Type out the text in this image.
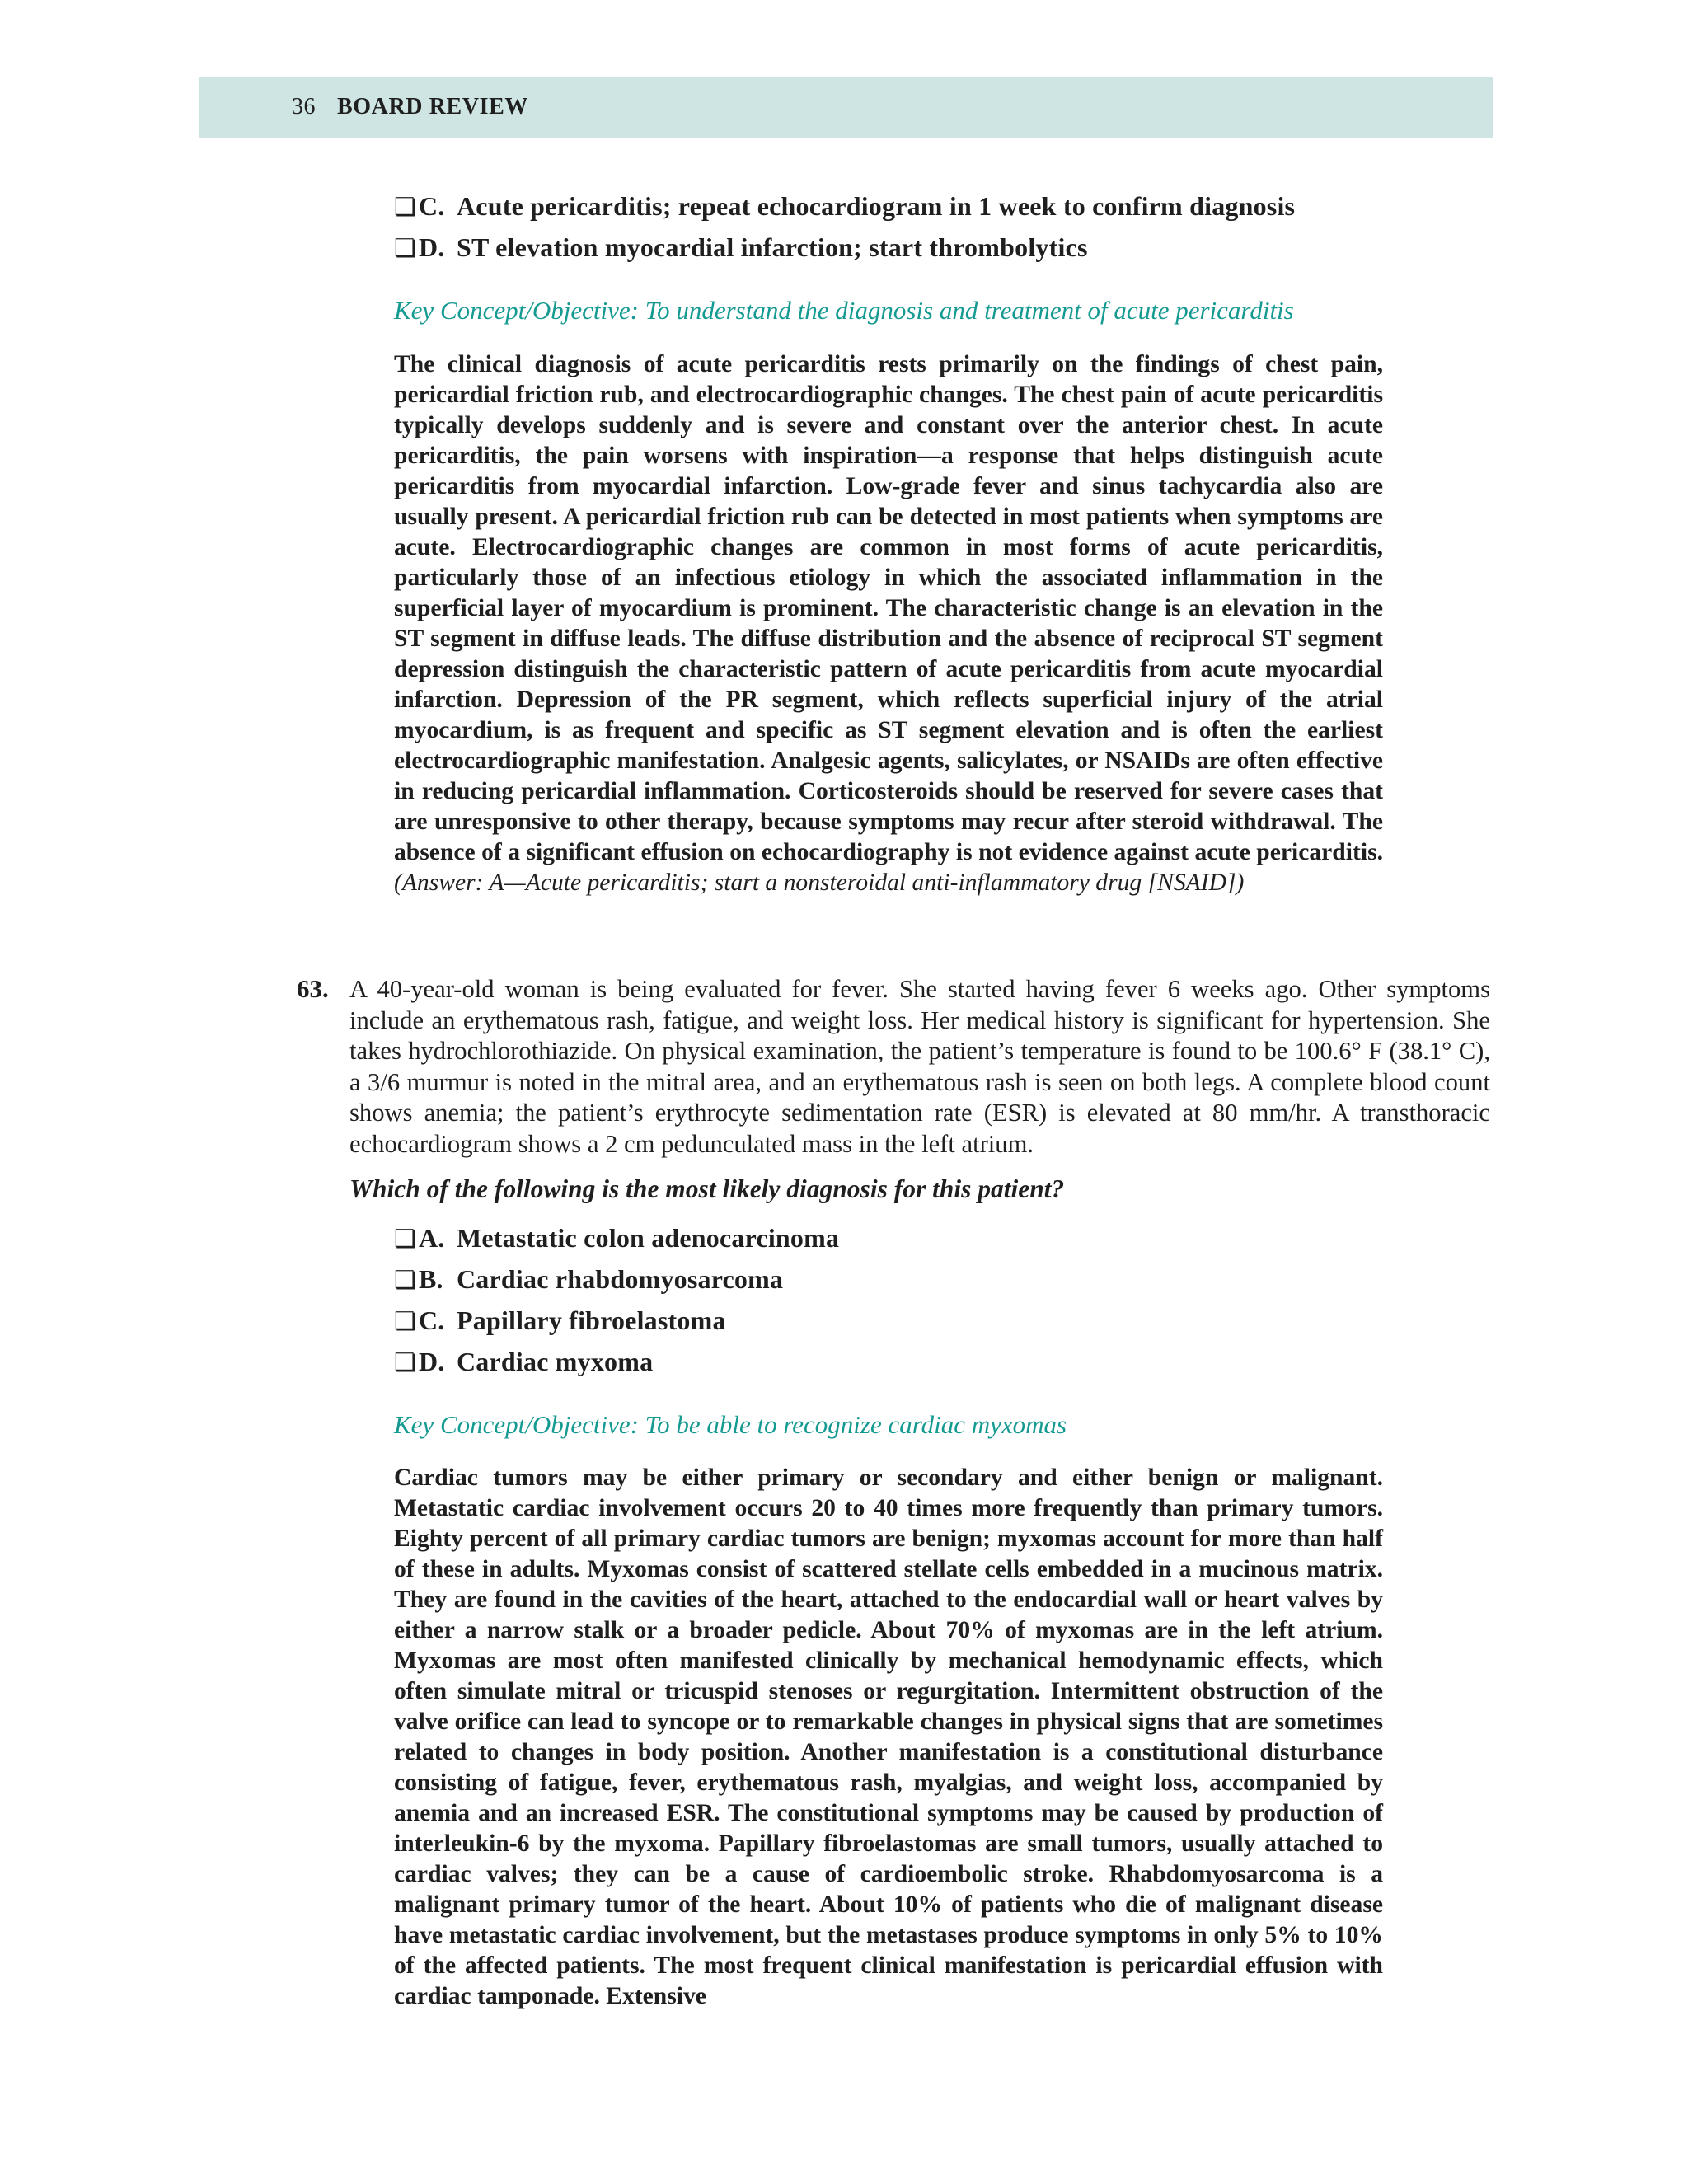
36 BOARD REVIEW
❏C. Acute pericarditis; repeat echocardiogram in 1 week to confirm diagnosis
❏D. ST elevation myocardial infarction; start thrombolytics
Key Concept/Objective: To understand the diagnosis and treatment of acute pericarditis
The clinical diagnosis of acute pericarditis rests primarily on the findings of chest pain, pericardial friction rub, and electrocardiographic changes. The chest pain of acute pericarditis typically develops suddenly and is severe and constant over the anterior chest. In acute pericarditis, the pain worsens with inspiration—a response that helps distinguish acute pericarditis from myocardial infarction. Low-grade fever and sinus tachycardia also are usually present. A pericardial friction rub can be detected in most patients when symptoms are acute. Electrocardiographic changes are common in most forms of acute pericarditis, particularly those of an infectious etiology in which the associated inflammation in the superficial layer of myocardium is prominent. The characteristic change is an elevation in the ST segment in diffuse leads. The diffuse distribution and the absence of reciprocal ST segment depression distinguish the characteristic pattern of acute pericarditis from acute myocardial infarction. Depression of the PR segment, which reflects superficial injury of the atrial myocardium, is as frequent and specific as ST segment elevation and is often the earliest electrocardiographic manifestation. Analgesic agents, salicylates, or NSAIDs are often effective in reducing pericardial inflammation. Corticosteroids should be reserved for severe cases that are unresponsive to other therapy, because symptoms may recur after steroid withdrawal. The absence of a significant effusion on echocardiography is not evidence against acute pericarditis. (Answer: A—Acute pericarditis; start a nonsteroidal anti-inflammatory drug [NSAID])
63. A 40-year-old woman is being evaluated for fever. She started having fever 6 weeks ago. Other symptoms include an erythematous rash, fatigue, and weight loss. Her medical history is significant for hypertension. She takes hydrochlorothiazide. On physical examination, the patient’s temperature is found to be 100.6° F (38.1° C), a 3/6 murmur is noted in the mitral area, and an erythematous rash is seen on both legs. A complete blood count shows anemia; the patient’s erythrocyte sedimentation rate (ESR) is elevated at 80 mm/hr. A transthoracic echocardiogram shows a 2 cm pedunculated mass in the left atrium.
Which of the following is the most likely diagnosis for this patient?
❏A. Metastatic colon adenocarcinoma
❏B. Cardiac rhabdomyosarcoma
❏C. Papillary fibroelastoma
❏D. Cardiac myxoma
Key Concept/Objective: To be able to recognize cardiac myxomas
Cardiac tumors may be either primary or secondary and either benign or malignant. Metastatic cardiac involvement occurs 20 to 40 times more frequently than primary tumors. Eighty percent of all primary cardiac tumors are benign; myxomas account for more than half of these in adults. Myxomas consist of scattered stellate cells embedded in a mucinous matrix. They are found in the cavities of the heart, attached to the endocardial wall or heart valves by either a narrow stalk or a broader pedicle. About 70% of myxomas are in the left atrium. Myxomas are most often manifested clinically by mechanical hemodynamic effects, which often simulate mitral or tricuspid stenoses or regurgitation. Intermittent obstruction of the valve orifice can lead to syncope or to remarkable changes in physical signs that are sometimes related to changes in body position. Another manifestation is a constitutional disturbance consisting of fatigue, fever, erythematous rash, myalgias, and weight loss, accompanied by anemia and an increased ESR. The constitutional symptoms may be caused by production of interleukin-6 by the myxoma. Papillary fibroelastomas are small tumors, usually attached to cardiac valves; they can be a cause of cardioembolic stroke. Rhabdomyosarcoma is a malignant primary tumor of the heart. About 10% of patients who die of malignant disease have metastatic cardiac involvement, but the metastases produce symptoms in only 5% to 10% of the affected patients. The most frequent clinical manifestation is pericardial effusion with cardiac tamponade. Extensive
